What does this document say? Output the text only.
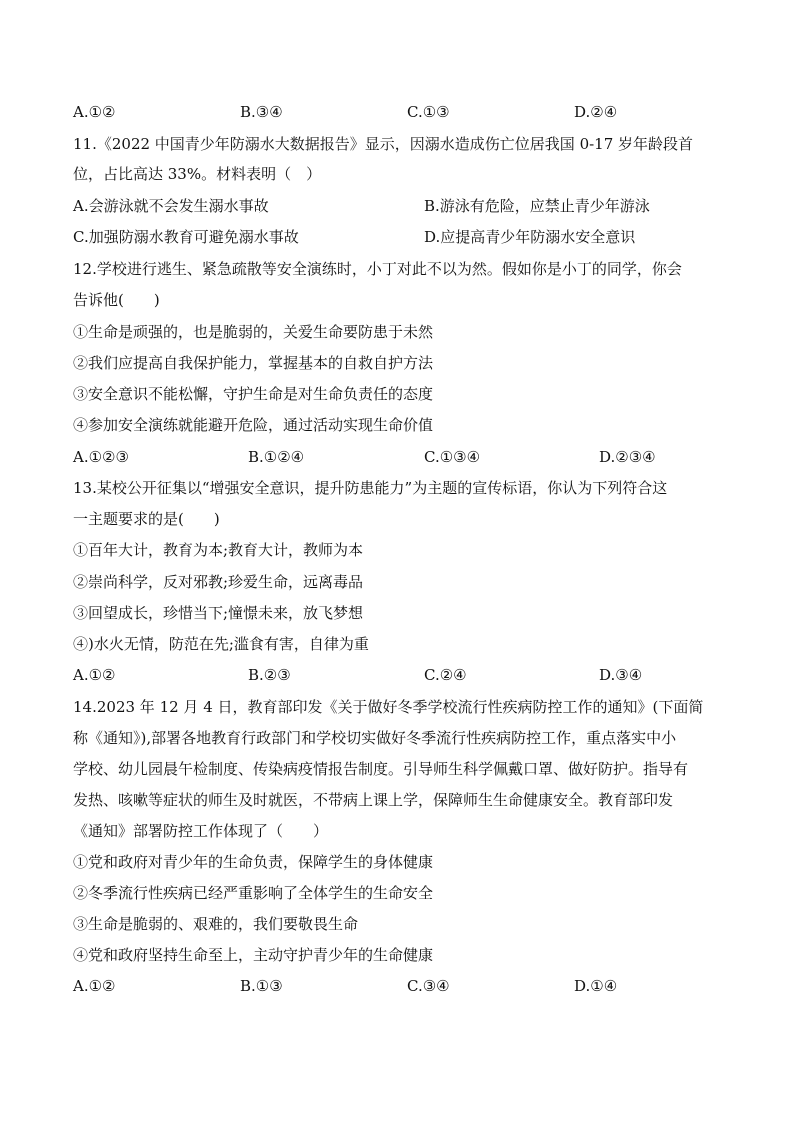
A.①②	B.③④	C.①③	D.②④
11.《2022 中国青少年防溺水大数据报告》显示，因溺水造成伤亡位居我国 0-17 岁年龄段首
位，占比高达 33%。材料表明（　）
A.会游泳就不会发生溺水事故	B.游泳有危险，应禁止青少年游泳
C.加强防溺水教育可避免溺水事故	D.应提高青少年防溺水安全意识
12.学校进行逃生、紧急疏散等安全演练时，小丁对此不以为然。假如你是小丁的同学，你会
告诉他(　　)
①生命是顽强的，也是脆弱的，关爱生命要防患于未然
②我们应提高自我保护能力，掌握基本的自救自护方法
③安全意识不能松懈，守护生命是对生命负责任的态度
④参加安全演练就能避开危险，通过活动实现生命价值
A.①②③	B.①②④	C.①③④	D.②③④
13.某校公开征集以“增强安全意识，提升防患能力”为主题的宣传标语，你认为下列符合这
一主题要求的是(　　)
①百年大计，教育为本;教育大计，教师为本
②崇尚科学，反对邪教;珍爱生命，远离毒品
③回望成长，珍惜当下;憧憬未来，放飞梦想
④)水火无情，防范在先;滥食有害，自律为重
A.①②	B.②③	C.②④	D.③④
14.2023 年 12 月 4 日，教育部印发《关于做好冬季学校流行性疾病防控工作的通知》(下面简
称《通知》),部署各地教育行政部门和学校切实做好冬季流行性疾病防控工作，重点落实中小
学校、幼儿园晨午检制度、传染病疫情报告制度。引导师生科学佩戴口罩、做好防护。指导有
发热、咳嗽等症状的师生及时就医，不带病上课上学，保障师生生命健康安全。教育部印发
《通知》部署防控工作体现了（　　）
①党和政府对青少年的生命负责，保障学生的身体健康
②冬季流行性疾病已经严重影响了全体学生的生命安全
③生命是脆弱的、艰难的，我们要敬畏生命
④党和政府坚持生命至上，主动守护青少年的生命健康
A.①②	B.①③	C.③④	D.①④
